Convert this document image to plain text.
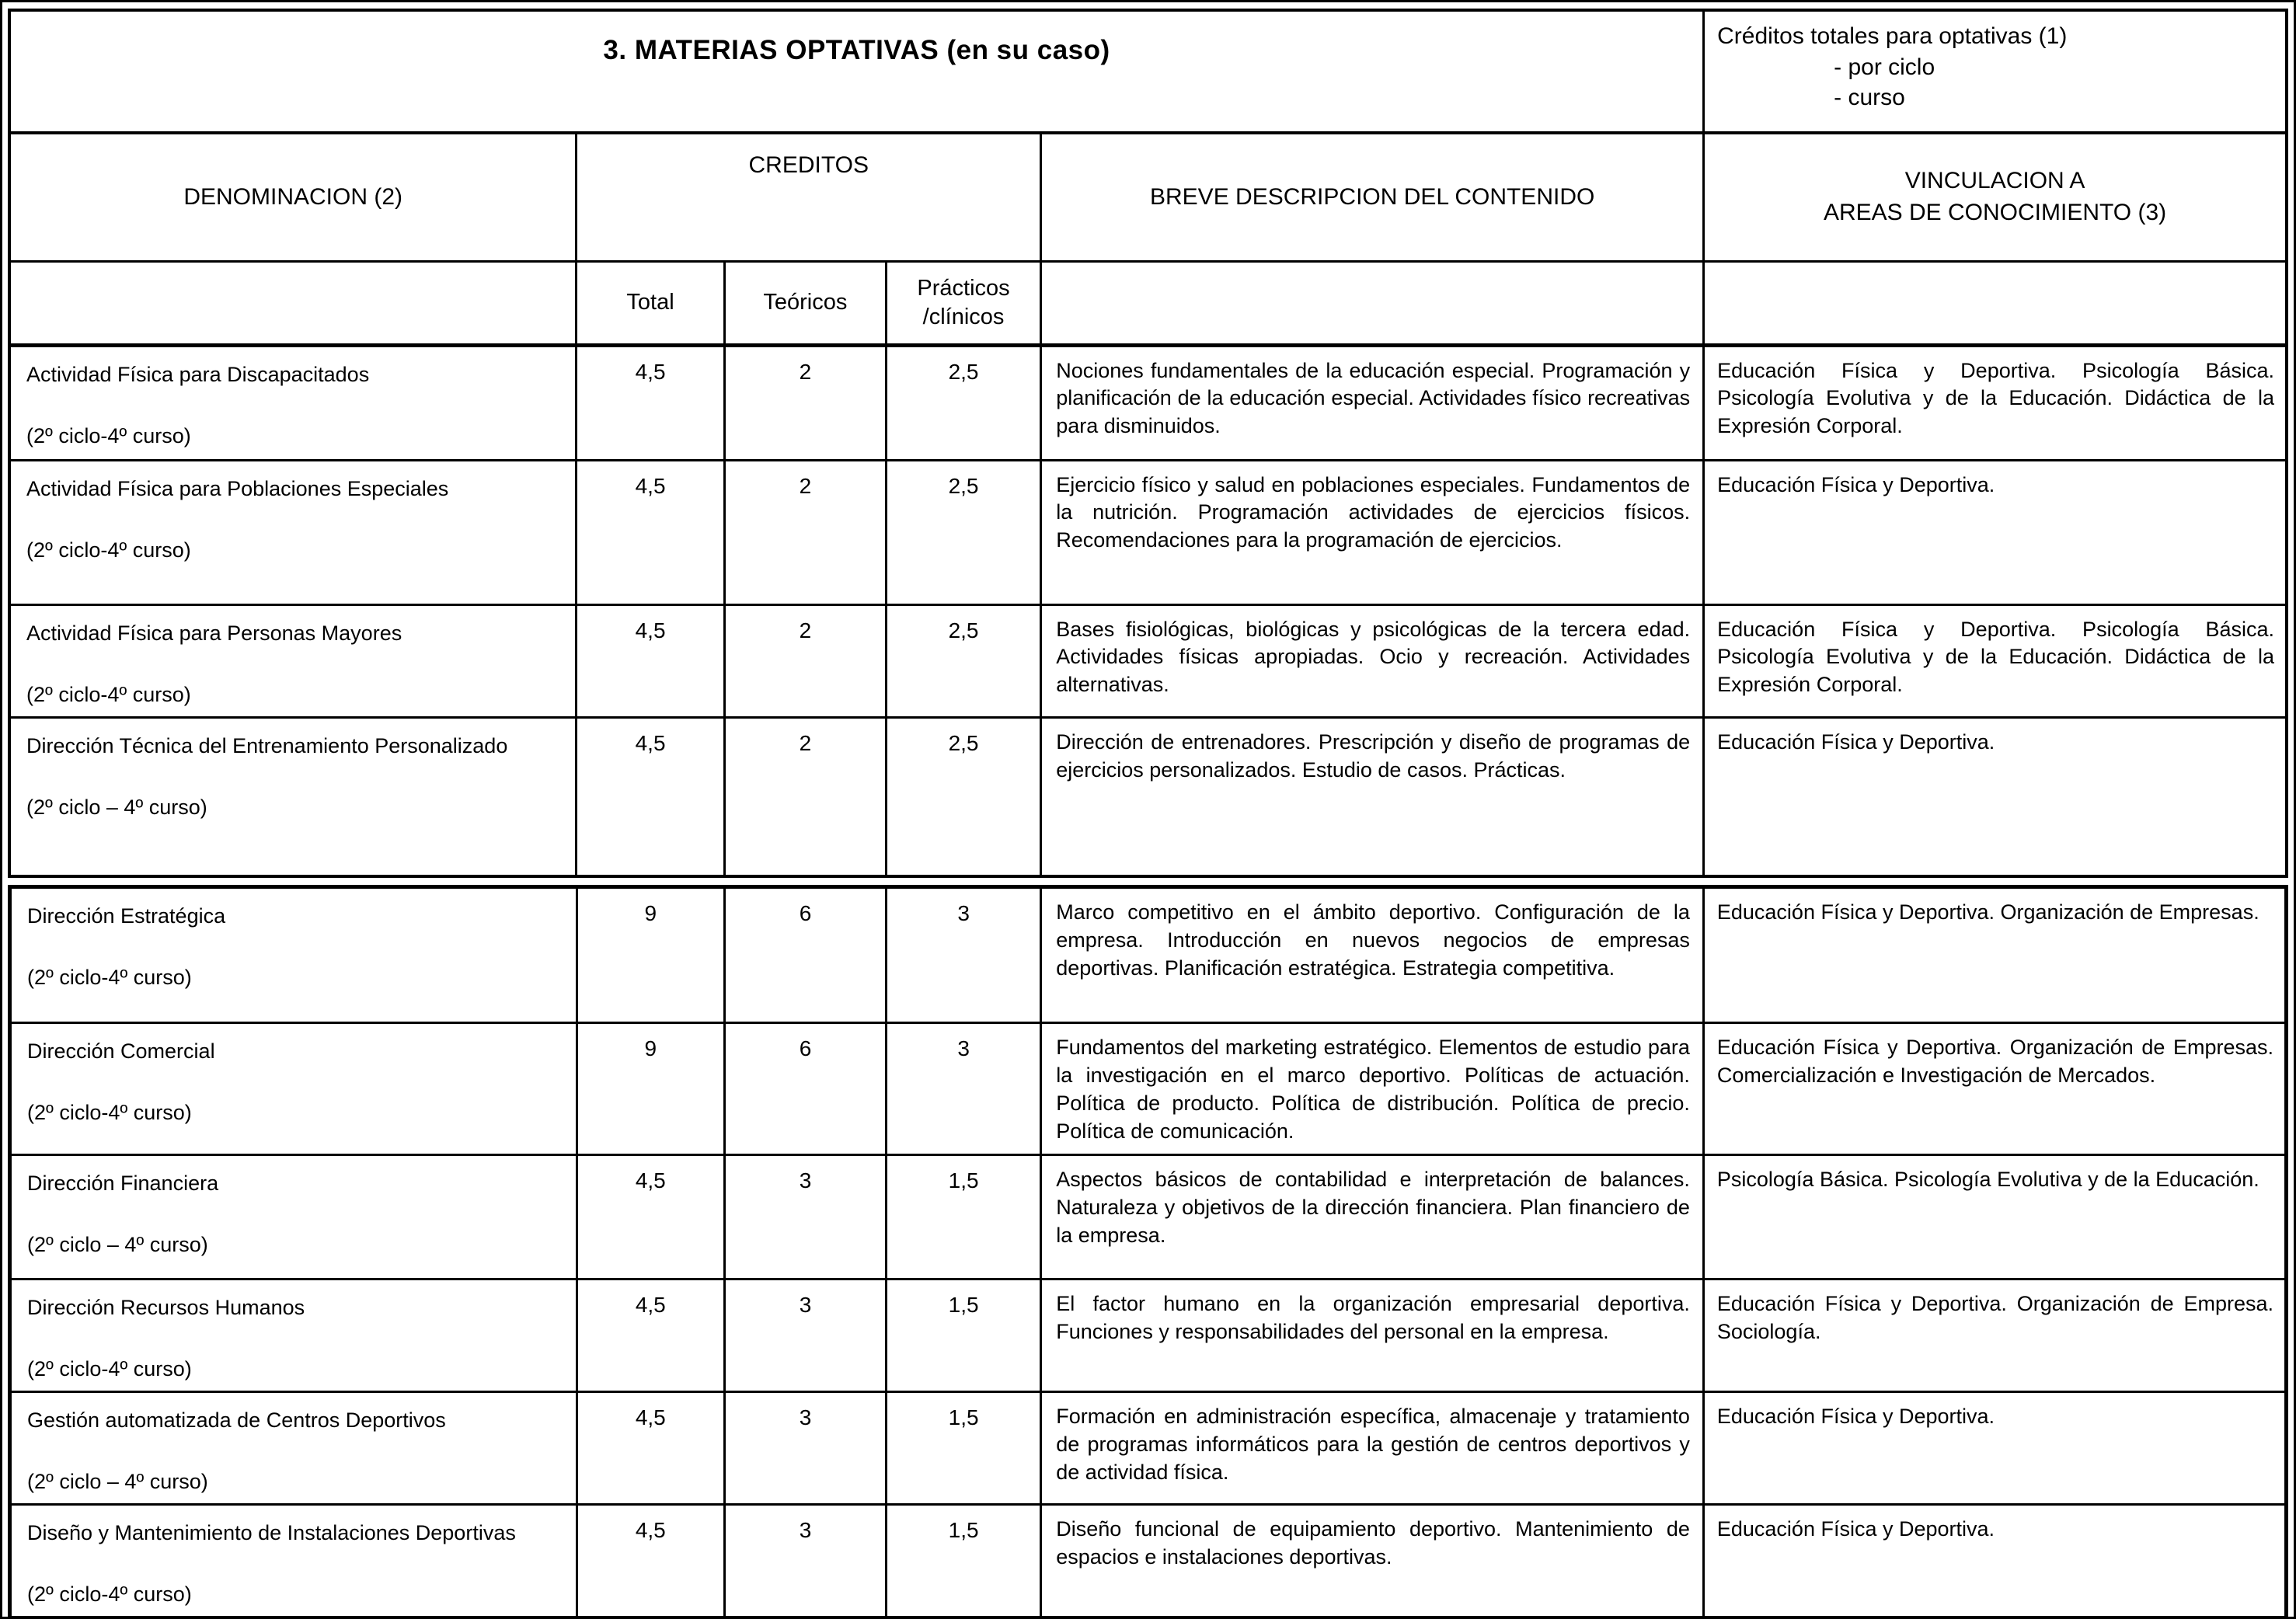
3. MATERIAS OPTATIVAS (en su caso)					Créditos totales para optativas (1)
- por ciclo
- curso

DENOMINACION (2)	CREDITOS			BREVE DESCRIPCION DEL CONTENIDO	VINCULACION A
AREAS DE CONOCIMIENTO (3)

	Total	Teóricos	Prácticos
/clínicos		

Actividad Física para Discapacitados
(2º ciclo-4º curso)	4,5	2	2,5	Nociones fundamentales de la educación especial. Programación y planificación de la educación especial. Actividades físico recreativas para disminuidos.	Educación Física y Deportiva. Psicología Básica. Psicología Evolutiva y de la Educación. Didáctica de la Expresión Corporal.

Actividad Física para Poblaciones Especiales
(2º ciclo-4º curso)	4,5	2	2,5	Ejercicio físico y salud en poblaciones especiales. Fundamentos de la nutrición. Programación actividades de ejercicios físicos. Recomendaciones para la programación de ejercicios.	Educación Física y Deportiva.

Actividad Física para Personas Mayores
(2º ciclo-4º curso)	4,5	2	2,5	Bases fisiológicas, biológicas y psicológicas de la tercera edad. Actividades físicas apropiadas. Ocio y recreación. Actividades alternativas.	Educación Física y Deportiva. Psicología Básica. Psicología Evolutiva y de la Educación. Didáctica de la Expresión Corporal.

Dirección Técnica del Entrenamiento Personalizado
(2º ciclo – 4º curso)	4,5	2	2,5	Dirección de entrenadores. Prescripción y diseño de programas de ejercicios personalizados. Estudio de casos. Prácticas.	Educación Física y Deportiva.
Dirección Estratégica
(2º ciclo-4º curso)	9	6	3	Marco competitivo en el ámbito deportivo. Configuración de la empresa. Introducción en nuevos negocios de empresas deportivas. Planificación estratégica. Estrategia competitiva.	Educación Física y Deportiva. Organización de Empresas.

Dirección Comercial
(2º ciclo-4º curso)	9	6	3	Fundamentos del marketing estratégico. Elementos de estudio para la investigación en el marco deportivo. Políticas de actuación. Política de producto. Política de distribución. Política de precio. Política de comunicación.	Educación Física y Deportiva. Organización de Empresas. Comercialización e Investigación de Mercados.

Dirección Financiera
(2º ciclo – 4º curso)	4,5	3	1,5	Aspectos básicos de contabilidad e interpretación de balances. Naturaleza y objetivos de la dirección financiera. Plan financiero de la empresa.	Psicología Básica. Psicología Evolutiva y de la Educación.

Dirección Recursos Humanos
(2º ciclo-4º curso)	4,5	3	1,5	El factor humano en la organización empresarial deportiva. Funciones y responsabilidades del personal en la empresa.	Educación Física y Deportiva. Organización de Empresa. Sociología.

Gestión automatizada de Centros Deportivos
(2º ciclo – 4º curso)	4,5	3	1,5	Formación en administración específica, almacenaje y tratamiento de programas informáticos para la gestión de centros deportivos y de actividad física.	Educación Física y Deportiva.

Diseño y Mantenimiento de Instalaciones Deportivas
(2º ciclo-4º curso)	4,5	3	1,5	Diseño funcional de equipamiento deportivo. Mantenimiento de espacios e instalaciones deportivas.	Educación Física y Deportiva.
